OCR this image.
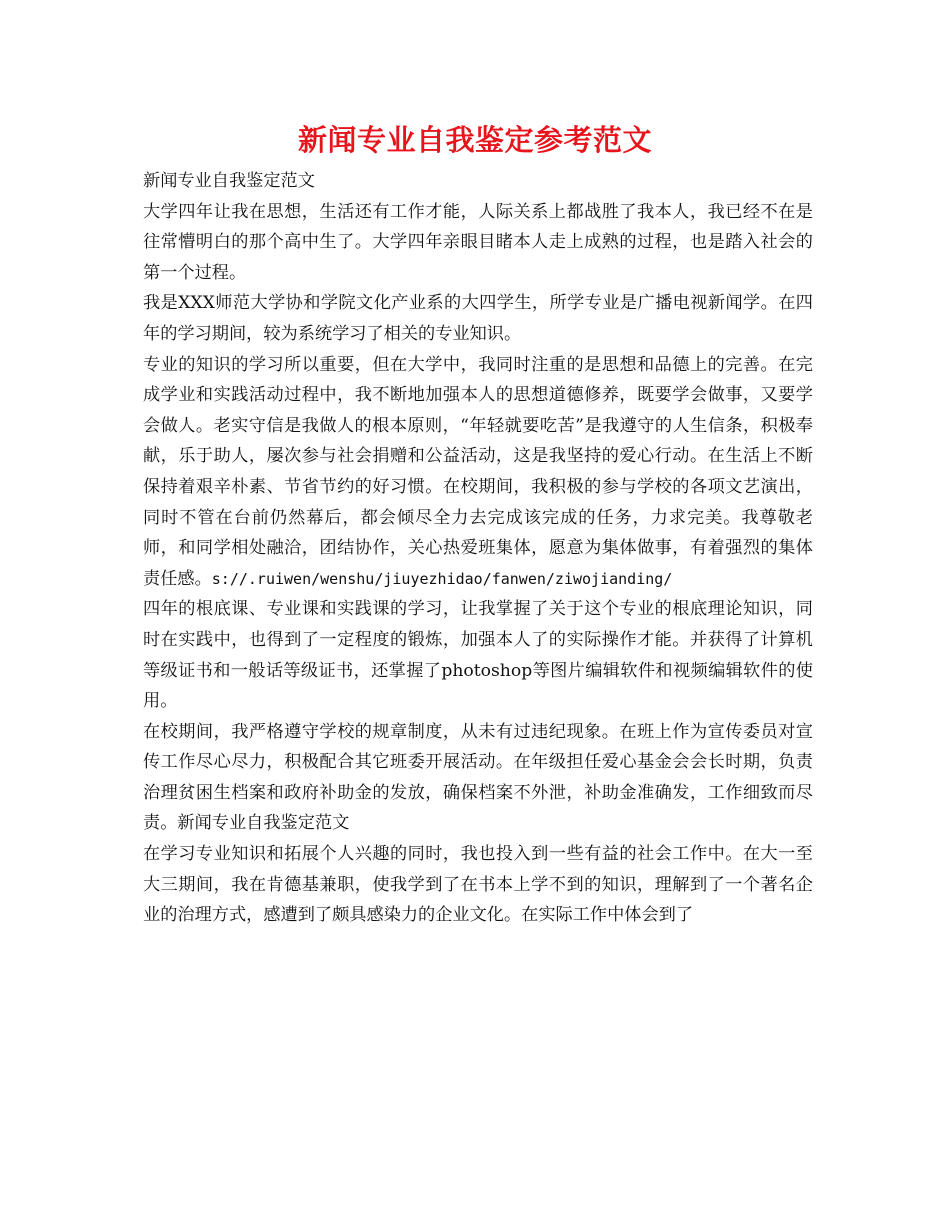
新闻专业自我鉴定参考范文

新闻专业自我鉴定范文

大学四年让我在思想，生活还有工作才能，人际关系上都战胜了我本人，我已经不在是往常懵明白的那个高中生了。大学四年亲眼目睹本人走上成熟的过程，也是踏入社会的第一个过程。

我是XXX师范大学协和学院文化产业系的大四学生，所学专业是广播电视新闻学。在四年的学习期间，较为系统学习了相关的专业知识。

专业的知识的学习所以重要，但在大学中，我同时注重的是思想和品德上的完善。在完成学业和实践活动过程中，我不断地加强本人的思想道德修养，既要学会做事，又要学会做人。老实守信是我做人的根本原则，“年轻就要吃苦”是我遵守的人生信条，积极奉献，乐于助人，屡次参与社会捐赠和公益活动，这是我坚持的爱心行动。在生活上不断保持着艰辛朴素、节省节约的好习惯。在校期间，我积极的参与学校的各项文艺演出，同时不管在台前仍然幕后，都会倾尽全力去完成该完成的任务，力求完美。我尊敬老师，和同学相处融洽，团结协作，关心热爱班集体，愿意为集体做事，有着强烈的集体责任感。s://.ruiwen/wenshu/jiuyezhidao/fanwen/ziwojianding/

四年的根底课、专业课和实践课的学习，让我掌握了关于这个专业的根底理论知识，同时在实践中，也得到了一定程度的锻炼，加强本人了的实际操作才能。并获得了计算机等级证书和一般话等级证书，还掌握了photoshop等图片编辑软件和视频编辑软件的使用。

在校期间，我严格遵守学校的规章制度，从未有过违纪现象。在班上作为宣传委员对宣传工作尽心尽力，积极配合其它班委开展活动。在年级担任爱心基金会会长时期，负责治理贫困生档案和政府补助金的发放，确保档案不外泄，补助金准确发，工作细致而尽责。新闻专业自我鉴定范文

在学习专业知识和拓展个人兴趣的同时，我也投入到一些有益的社会工作中。在大一至大三期间，我在肯德基兼职，使我学到了在书本上学不到的知识，理解到了一个著名企业的治理方式，感遭到了颇具感染力的企业文化。在实际工作中体会到了
